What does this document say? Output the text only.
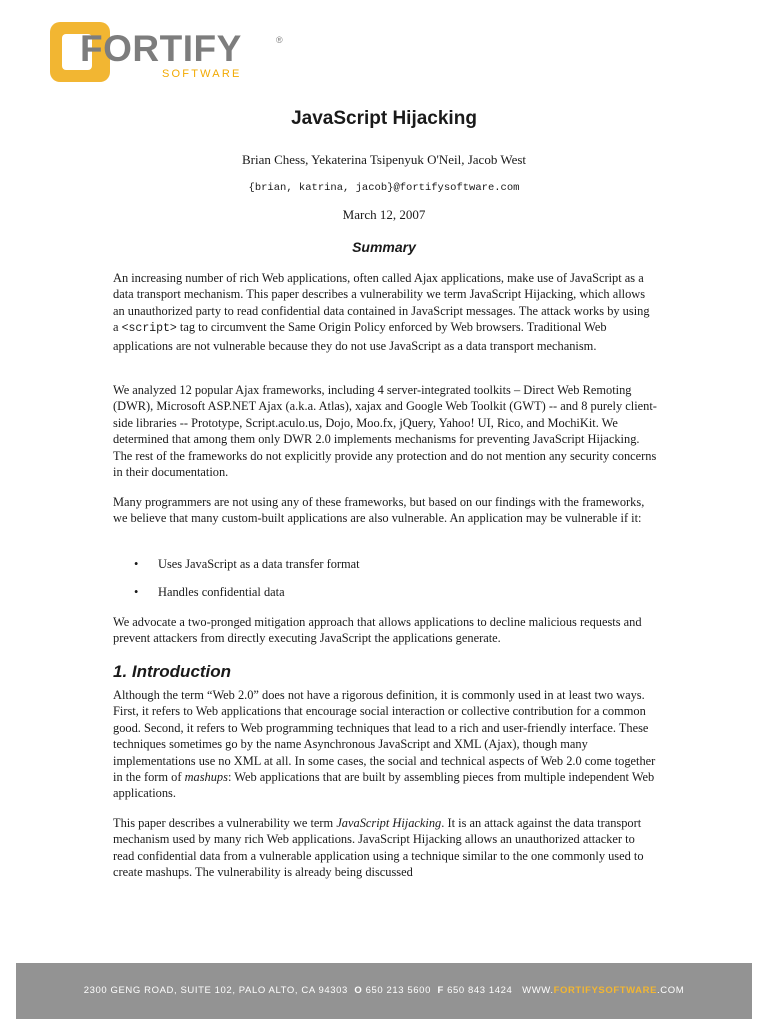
FORTIFY	®
SOFTWARE
JavaScript Hijacking
Brian Chess, Yekaterina Tsipenyuk O'Neil, Jacob West
{brian, katrina, jacob}@fortifysoftware.com
March 12, 2007
Summary
An increasing number of rich Web applications, often called Ajax applications, make use of JavaScript as a data transport mechanism. This paper describes a vulnerability we term JavaScript Hijacking, which allows an unauthorized party to read confidential data contained in JavaScript messages. The attack works by using a <script> tag to circumvent the Same Origin Policy enforced by Web browsers. Traditional Web applications are not vulnerable because they do not use JavaScript as a data transport mechanism.
We analyzed 12 popular Ajax frameworks, including 4 server-integrated toolkits – Direct Web Remoting (DWR), Microsoft ASP.NET Ajax (a.k.a. Atlas), xajax and Google Web Toolkit (GWT) -- and 8 purely client-side libraries -- Prototype, Script.aculo.us, Dojo, Moo.fx, jQuery, Yahoo! UI, Rico, and MochiKit. We determined that among them only DWR 2.0 implements mechanisms for preventing JavaScript Hijacking. The rest of the frameworks do not explicitly provide any protection and do not mention any security concerns in their documentation.
Many programmers are not using any of these frameworks, but based on our findings with the frameworks, we believe that many custom-built applications are also vulnerable. An application may be vulnerable if it:
• Uses JavaScript as a data transfer format
• Handles confidential data
We advocate a two-pronged mitigation approach that allows applications to decline malicious requests and prevent attackers from directly executing JavaScript the applications generate.
1. Introduction
Although the term “Web 2.0” does not have a rigorous definition, it is commonly used in at least two ways. First, it refers to Web applications that encourage social interaction or collective contribution for a common good. Second, it refers to Web programming techniques that lead to a rich and user-friendly interface. These techniques sometimes go by the name Asynchronous JavaScript and XML (Ajax), though many implementations use no XML at all. In some cases, the social and technical aspects of Web 2.0 come together in the form of mashups: Web applications that are built by assembling pieces from multiple independent Web applications.
This paper describes a vulnerability we term JavaScript Hijacking. It is an attack against the data transport mechanism used by many rich Web applications. JavaScript Hijacking allows an unauthorized attacker to read confidential data from a vulnerable application using a technique similar to the one commonly used to create mashups. The vulnerability is already being discussed
2300 GENG ROAD, SUITE 102, PALO ALTO, CA 94303 O 650 213 5600 F 650 843 1424 WWW.FORTIFYSOFTWARE.COM
